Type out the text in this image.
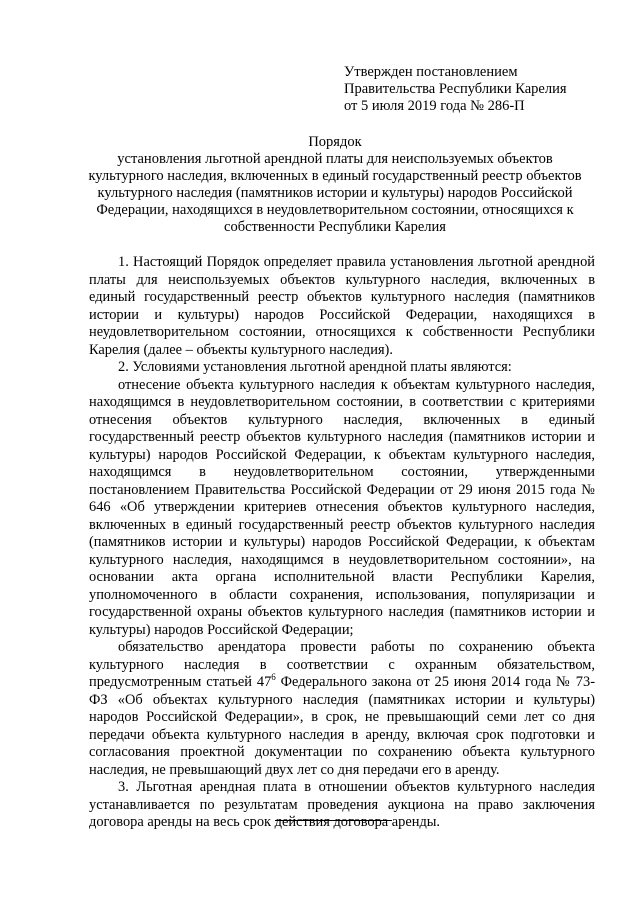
Утвержден постановлением
Правительства Республики Карелия
от 5 июля 2019 года № 286-П
Порядок
установления льготной арендной платы для неиспользуемых объектов
культурного наследия, включенных в единый государственный реестр объектов
культурного наследия (памятников истории и культуры) народов Российской
Федерации, находящихся в неудовлетворительном состоянии, относящихся к
собственности Республики Карелия

1. Настоящий Порядок определяет правила установления льготной арендной платы для неиспользуемых объектов культурного наследия, включенных в единый государственный реестр объектов культурного наследия (памятников истории и культуры) народов Российской Федерации, находящихся в неудовлетворительном состоянии, относящихся к собственности Республики Карелия (далее – объекты культурного наследия).

2. Условиями установления льготной арендной платы являются:

отнесение объекта культурного наследия к объектам культурного наследия, находящимся в неудовлетворительном состоянии, в соответствии с критериями отнесения объектов культурного наследия, включенных в единый государственный реестр объектов культурного наследия (памятников истории и культуры) народов Российской Федерации, к объектам культурного наследия, находящимся в неудовлетворительном состоянии, утвержденными постановлением Правительства Российской Федерации от 29 июня 2015 года № 646 «Об утверждении критериев отнесения объектов культурного наследия, включенных в единый государственный реестр объектов культурного наследия (памятников истории и культуры) народов Российской Федерации, к объектам культурного наследия, находящимся в неудовлетворительном состоянии», на основании акта органа исполнительной власти Республики Карелия, уполномоченного в области сохранения, использования, популяризации и государственной охраны объектов культурного наследия (памятников истории и культуры) народов Российской Федерации;

обязательство арендатора провести работы по сохранению объекта культурного наследия в соответствии с охранным обязательством, предусмотренным статьей $47^6$ Федерального закона от 25 июня 2014 года № 73-ФЗ «Об объектах культурного наследия (памятниках истории и культуры) народов Российской Федерации», в срок, не превышающий семи лет со дня передачи объекта культурного наследия в аренду, включая срок подготовки и согласования проектной документации по сохранению объекта культурного наследия, не превышающий двух лет со дня передачи его в аренду.

3. Льготная арендная плата в отношении объектов культурного наследия устанавливается по результатам проведения аукциона на право заключения договора аренды на весь срок действия договора аренды.
